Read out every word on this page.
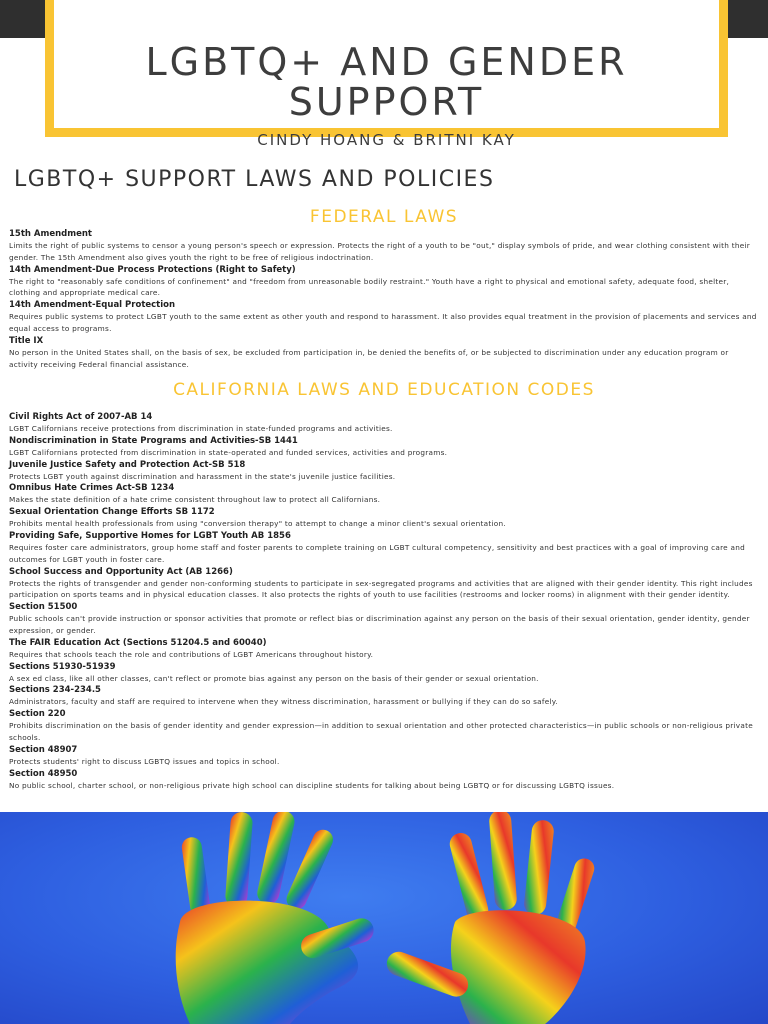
LGBTQ+ AND GENDER SUPPORT
CINDY HOANG & BRITNI KAY
LGBTQ+ SUPPORT LAWS AND POLICIES
FEDERAL LAWS
15th Amendment
Limits the right of public systems to censor a young person's speech or expression. Protects the right of a youth to be "out," display symbols of pride, and wear clothing consistent with their gender. The 15th Amendment also gives youth the right to be free of religious indoctrination.
14th Amendment-Due Process Protections (Right to Safety)
The right to "reasonably safe conditions of confinement" and "freedom from unreasonable bodily restraint." Youth have a right to physical and emotional safety, adequate food, shelter, clothing and appropriate medical care.
14th Amendment-Equal Protection
Requires public systems to protect LGBT youth to the same extent as other youth and respond to harassment. It also provides equal treatment in the provision of placements and services and equal access to programs.
Title IX
No person in the United States shall, on the basis of sex, be excluded from participation in, be denied the benefits of, or be subjected to discrimination under any education program or activity receiving Federal financial assistance.
CALIFORNIA LAWS AND EDUCATION CODES
Civil Rights Act of 2007-AB 14
LGBT Californians receive protections from discrimination in state-funded programs and activities.
Nondiscrimination in State Programs and Activities-SB 1441
LGBT Californians protected from discrimination in state-operated and funded services, activities and programs.
Juvenile Justice Safety and Protection Act-SB 518
Protects LGBT youth against discrimination and harassment in the state's juvenile justice facilities.
Omnibus Hate Crimes Act-SB 1234
Makes the state definition of a hate crime consistent throughout law to protect all Californians.
Sexual Orientation Change Efforts SB 1172
Prohibits mental health professionals from using "conversion therapy" to attempt to change a minor client's sexual orientation.
Providing Safe, Supportive Homes for LGBT Youth AB 1856
Requires foster care administrators, group home staff and foster parents to complete training on LGBT cultural competency, sensitivity and best practices with a goal of improving care and outcomes for LGBT youth in foster care.
School Success and Opportunity Act (AB 1266)
Protects the rights of transgender and gender non-conforming students to participate in sex-segregated programs and activities that are aligned with their gender identity. This right includes participation on sports teams and in physical education classes. It also protects the rights of youth to use facilities (restrooms and locker rooms) in alignment with their gender identity.
Section 51500
Public schools can't provide instruction or sponsor activities that promote or reflect bias or discrimination against any person on the basis of their sexual orientation, gender identity, gender expression, or gender.
The FAIR Education Act (Sections 51204.5 and 60040)
Requires that schools teach the role and contributions of LGBT Americans throughout history.
Sections 51930-51939
A sex ed class, like all other classes, can't reflect or promote bias against any person on the basis of their gender or sexual orientation.
Sections 234-234.5
Administrators, faculty and staff are required to intervene when they witness discrimination, harassment or bullying if they can do so safely.
Section 220
Prohibits discrimination on the basis of gender identity and gender expression—in addition to sexual orientation and other protected characteristics—in public schools or non-religious private schools.
Section 48907
Protects students' right to discuss LGBTQ issues and topics in school.
Section 48950
No public school, charter school, or non-religious private high school can discipline students for talking about being LGBTQ or for discussing LGBTQ issues.
